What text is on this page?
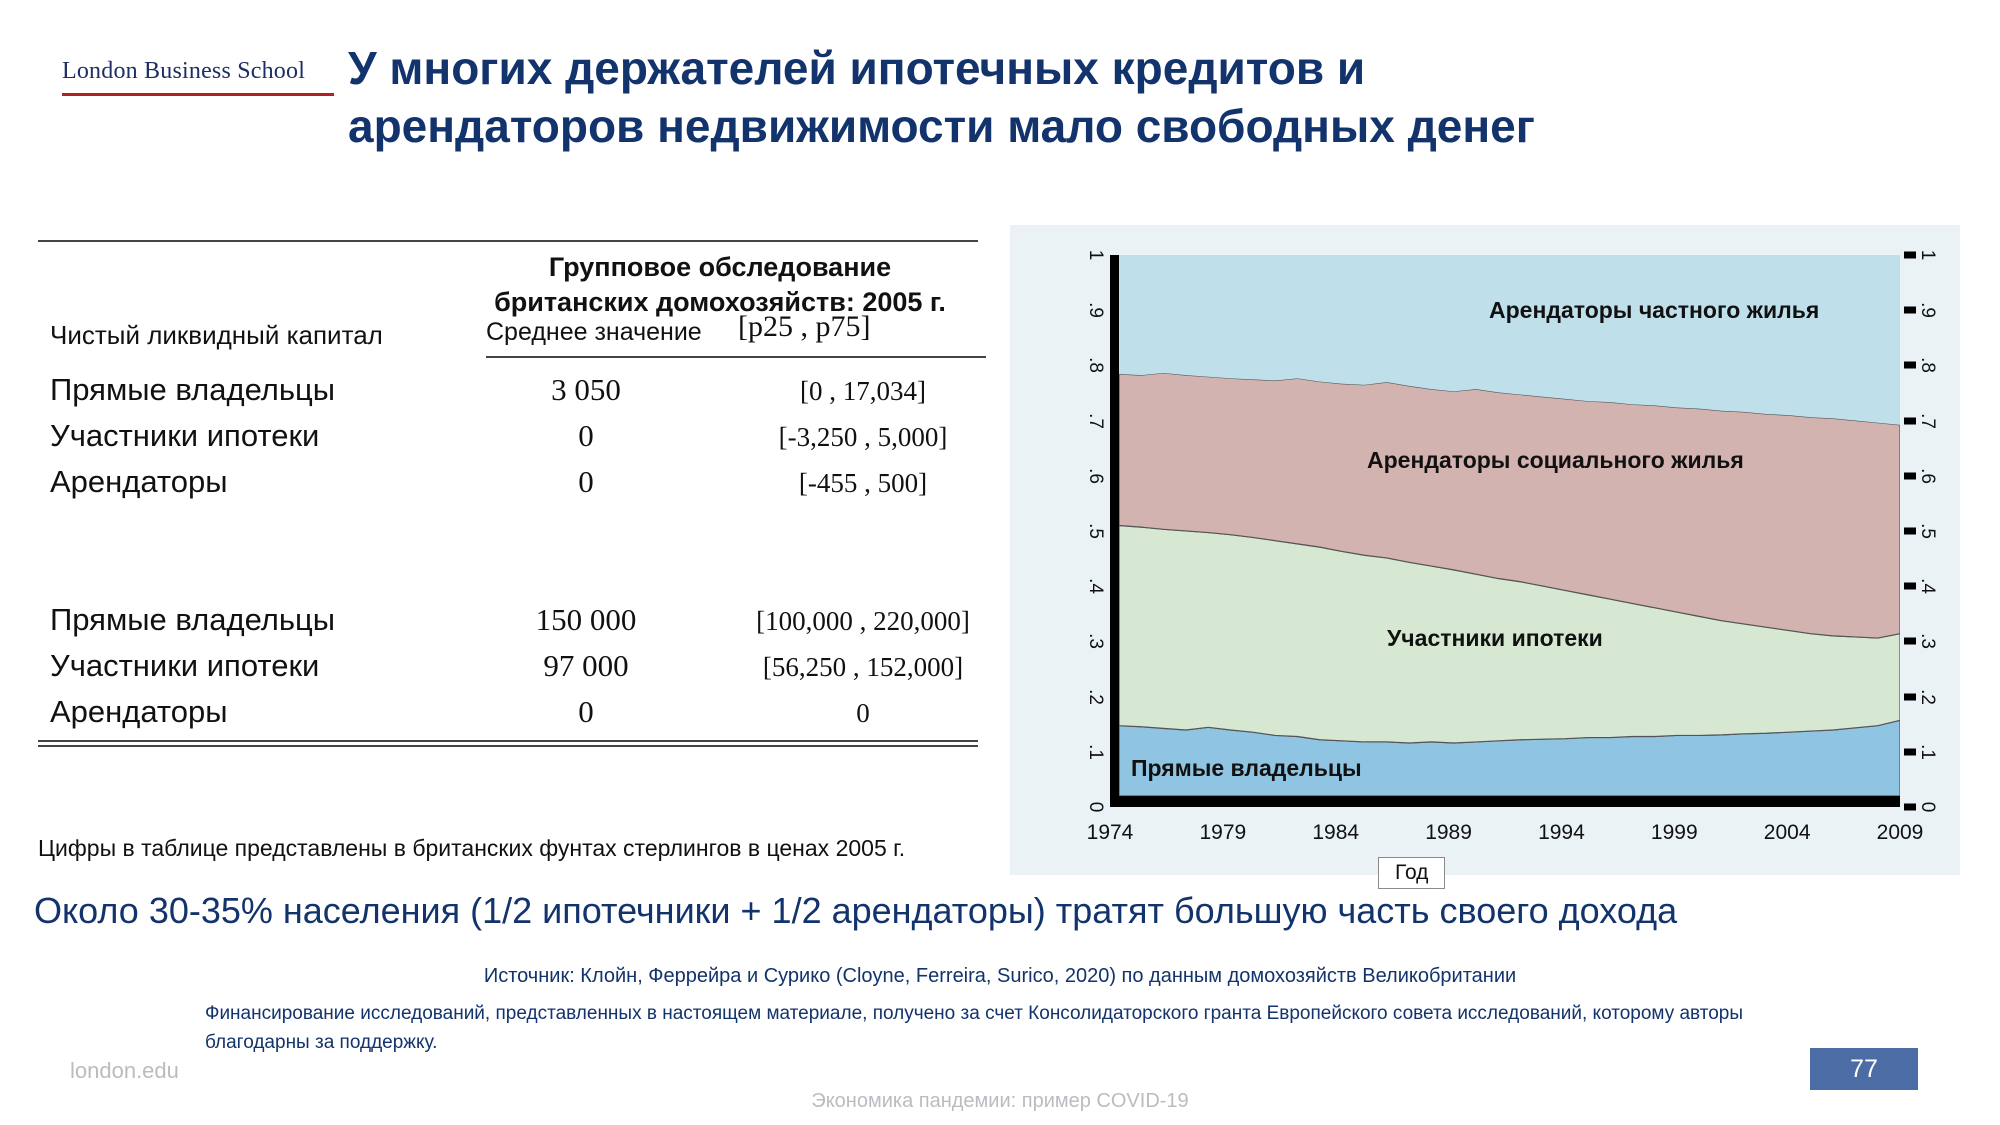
London Business School У многих держателей ипотечных кредитов и
арендаторов недвижимости мало свободных денег
Групповое обследование
британских домохозяйств: 2005 г.
Чистый ликвидный капитал	Среднее значение [p25 , p75]
Прямые владельцы	3 050	[0 , 17,034]
Участники ипотеки	0	[-3,250 , 5,000]
Арендаторы	0	[-455 , 500]
Прямые владельцы	150 000	[100,000 , 220,000]
Участники ипотеки	97 000	[56,250 , 152,000]
Арендаторы	0	0
Цифры в таблице представлены в британских фунтах стерлингов в ценах 2005 г.
0
.1
.2
.3
.4
.5
.6
.7
.8
.9
1
0
.1
.2
.3
.4
.5
.6
.7
.8
.9
1
Арендаторы частного жилья
Арендаторы социального жилья
Участники ипотеки
Прямые владельцы
1974	1979	1984	1989	1994	1999	2004	2009
Год
Около 30-35% населения (1/2 ипотечники + 1/2 арендаторы) тратят большую часть своего дохода
Источник: Клойн, Феррейра и Сурико (Cloyne, Ferreira, Surico, 2020) по данным домохозяйств Великобритании
Финансирование исследований, представленных в настоящем материале, получено за счет Консолидаторского гранта Европейского совета исследований, которому авторы благодарны за поддержку.
london.edu
Экономика пандемии: пример COVID-19
77
